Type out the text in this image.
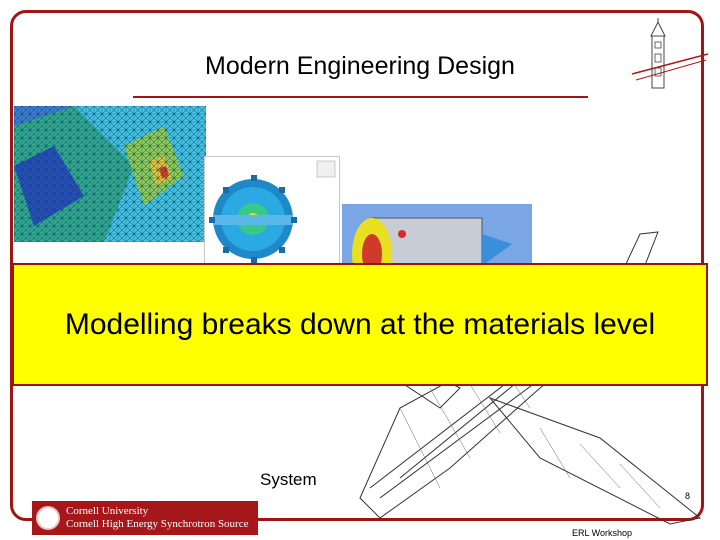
Modern Engineering Design
Modelling breaks down at the materials level
System
8
ERL Workshop
Cornell University
Cornell High Energy Synchrotron Source
